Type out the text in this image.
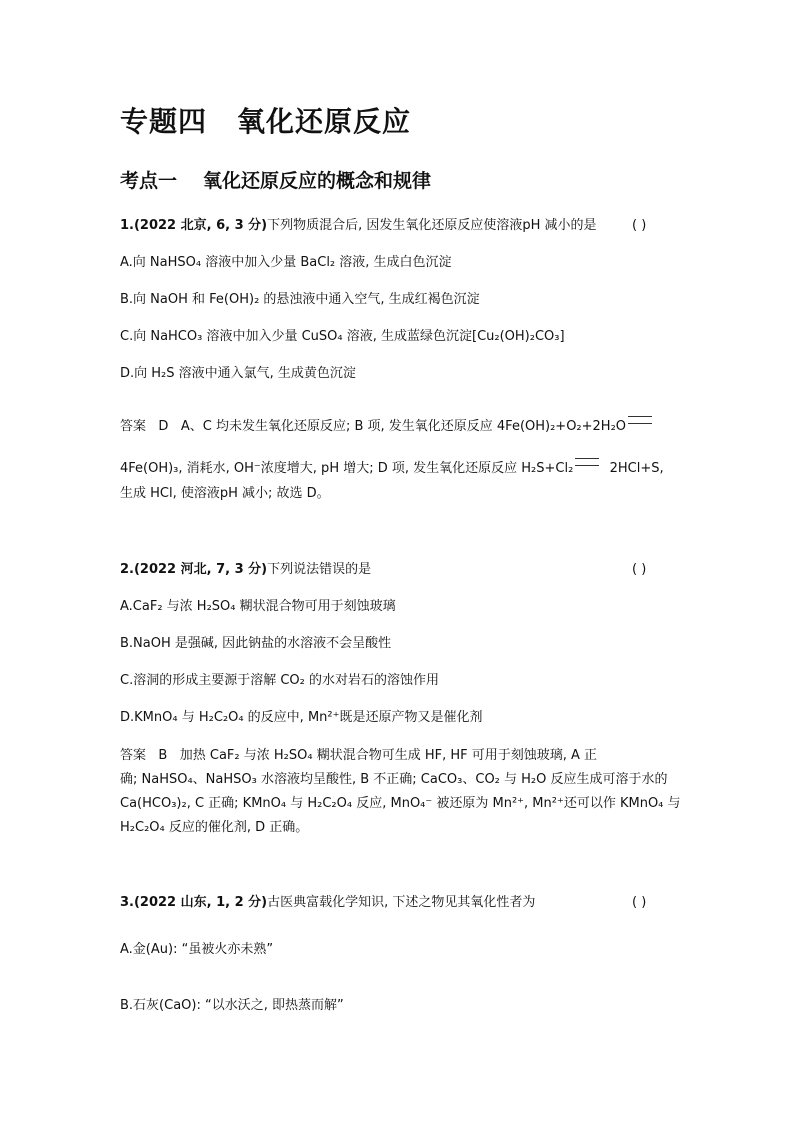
专题四 氧化还原反应
考点一 氧化还原反应的概念和规律
1.(2022 北京, 6, 3 分)下列物质混合后, 因发生氧化还原反应使溶液pH 减小的是	( )
A.向 NaHSO₄ 溶液中加入少量 BaCl₂ 溶液, 生成白色沉淀
B.向 NaOH 和 Fe(OH)₂ 的悬浊液中通入空气, 生成红褐色沉淀
C.向 NaHCO₃ 溶液中加入少量 CuSO₄ 溶液, 生成蓝绿色沉淀[Cu₂(OH)₂CO₃]
D.向 H₂S 溶液中通入氯气, 生成黄色沉淀
答案 D A、C 均未发生氧化还原反应; B 项, 发生氧化还原反应 4Fe(OH)₂+O₂+2H₂O
4Fe(OH)₃, 消耗水, OH⁻浓度增大, pH 增大; D 项, 发生氧化还原反应 H₂S+Cl₂	2HCl+S,
生成 HCl, 使溶液pH 减小; 故选 D。
2.(2022 河北, 7, 3 分)下列说法错误的是	( )
A.CaF₂ 与浓 H₂SO₄ 糊状混合物可用于刻蚀玻璃
B.NaOH 是强碱, 因此钠盐的水溶液不会呈酸性
C.溶洞的形成主要源于溶解 CO₂ 的水对岩石的溶蚀作用
D.KMnO₄ 与 H₂C₂O₄ 的反应中, Mn²⁺既是还原产物又是催化剂
答案 B 加热 CaF₂ 与浓 H₂SO₄ 糊状混合物可生成 HF, HF 可用于刻蚀玻璃, A 正
确; NaHSO₄、NaHSO₃ 水溶液均呈酸性, B 不正确; CaCO₃、CO₂ 与 H₂O 反应生成可溶于水的
Ca(HCO₃)₂, C 正确; KMnO₄ 与 H₂C₂O₄ 反应, MnO₄⁻ 被还原为 Mn²⁺, Mn²⁺还可以作 KMnO₄ 与
H₂C₂O₄ 反应的催化剂, D 正确。
3.(2022 山东, 1, 2 分)古医典富载化学知识, 下述之物见其氧化性者为	( )
A.金(Au): “虽被火亦未熟”
B.石灰(CaO): “以水沃之, 即热蒸而解”
